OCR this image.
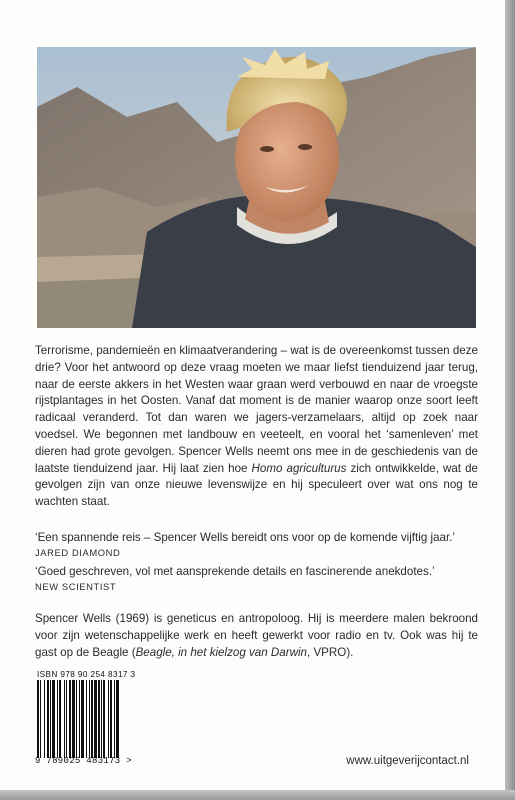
Terrorisme, pandemieën en klimaatverandering – wat is de overeenkomst tussen deze drie? Voor het antwoord op deze vraag moeten we maar liefst tienduizend jaar terug, naar de eerste akkers in het Westen waar graan werd verbouwd en naar de vroegste rijstplantages in het Oosten. Vanaf dat moment is de manier waarop onze soort leeft radicaal veranderd. Tot dan waren we jagers-verzamelaars, altijd op zoek naar voedsel. We begonnen met landbouw en veeteelt, en vooral het ‘samenleven’ met dieren had grote gevolgen. Spencer Wells neemt ons mee in de geschiedenis van de laatste tienduizend jaar. Hij laat zien hoe Homo agriculturus zich ontwikkelde, wat de gevolgen zijn van onze nieuwe levenswijze en hij speculeert over wat ons nog te wachten staat.
‘Een spannende reis – Spencer Wells bereidt ons voor op de komende vijftig jaar.’
JARED DIAMOND
‘Goed geschreven, vol met aansprekende details en fascinerende anekdotes.’
NEW SCIENTIST
Spencer Wells (1969) is geneticus en antropoloog. Hij is meerdere malen bekroond voor zijn wetenschappelijke werk en heeft gewerkt voor radio en tv. Ook was hij te gast op de Beagle (Beagle, in het kielzog van Darwin, VPRO).
ISBN 978 90 254 8317 3
9 789025 483173 >	www.uitgeverijcontact.nl
